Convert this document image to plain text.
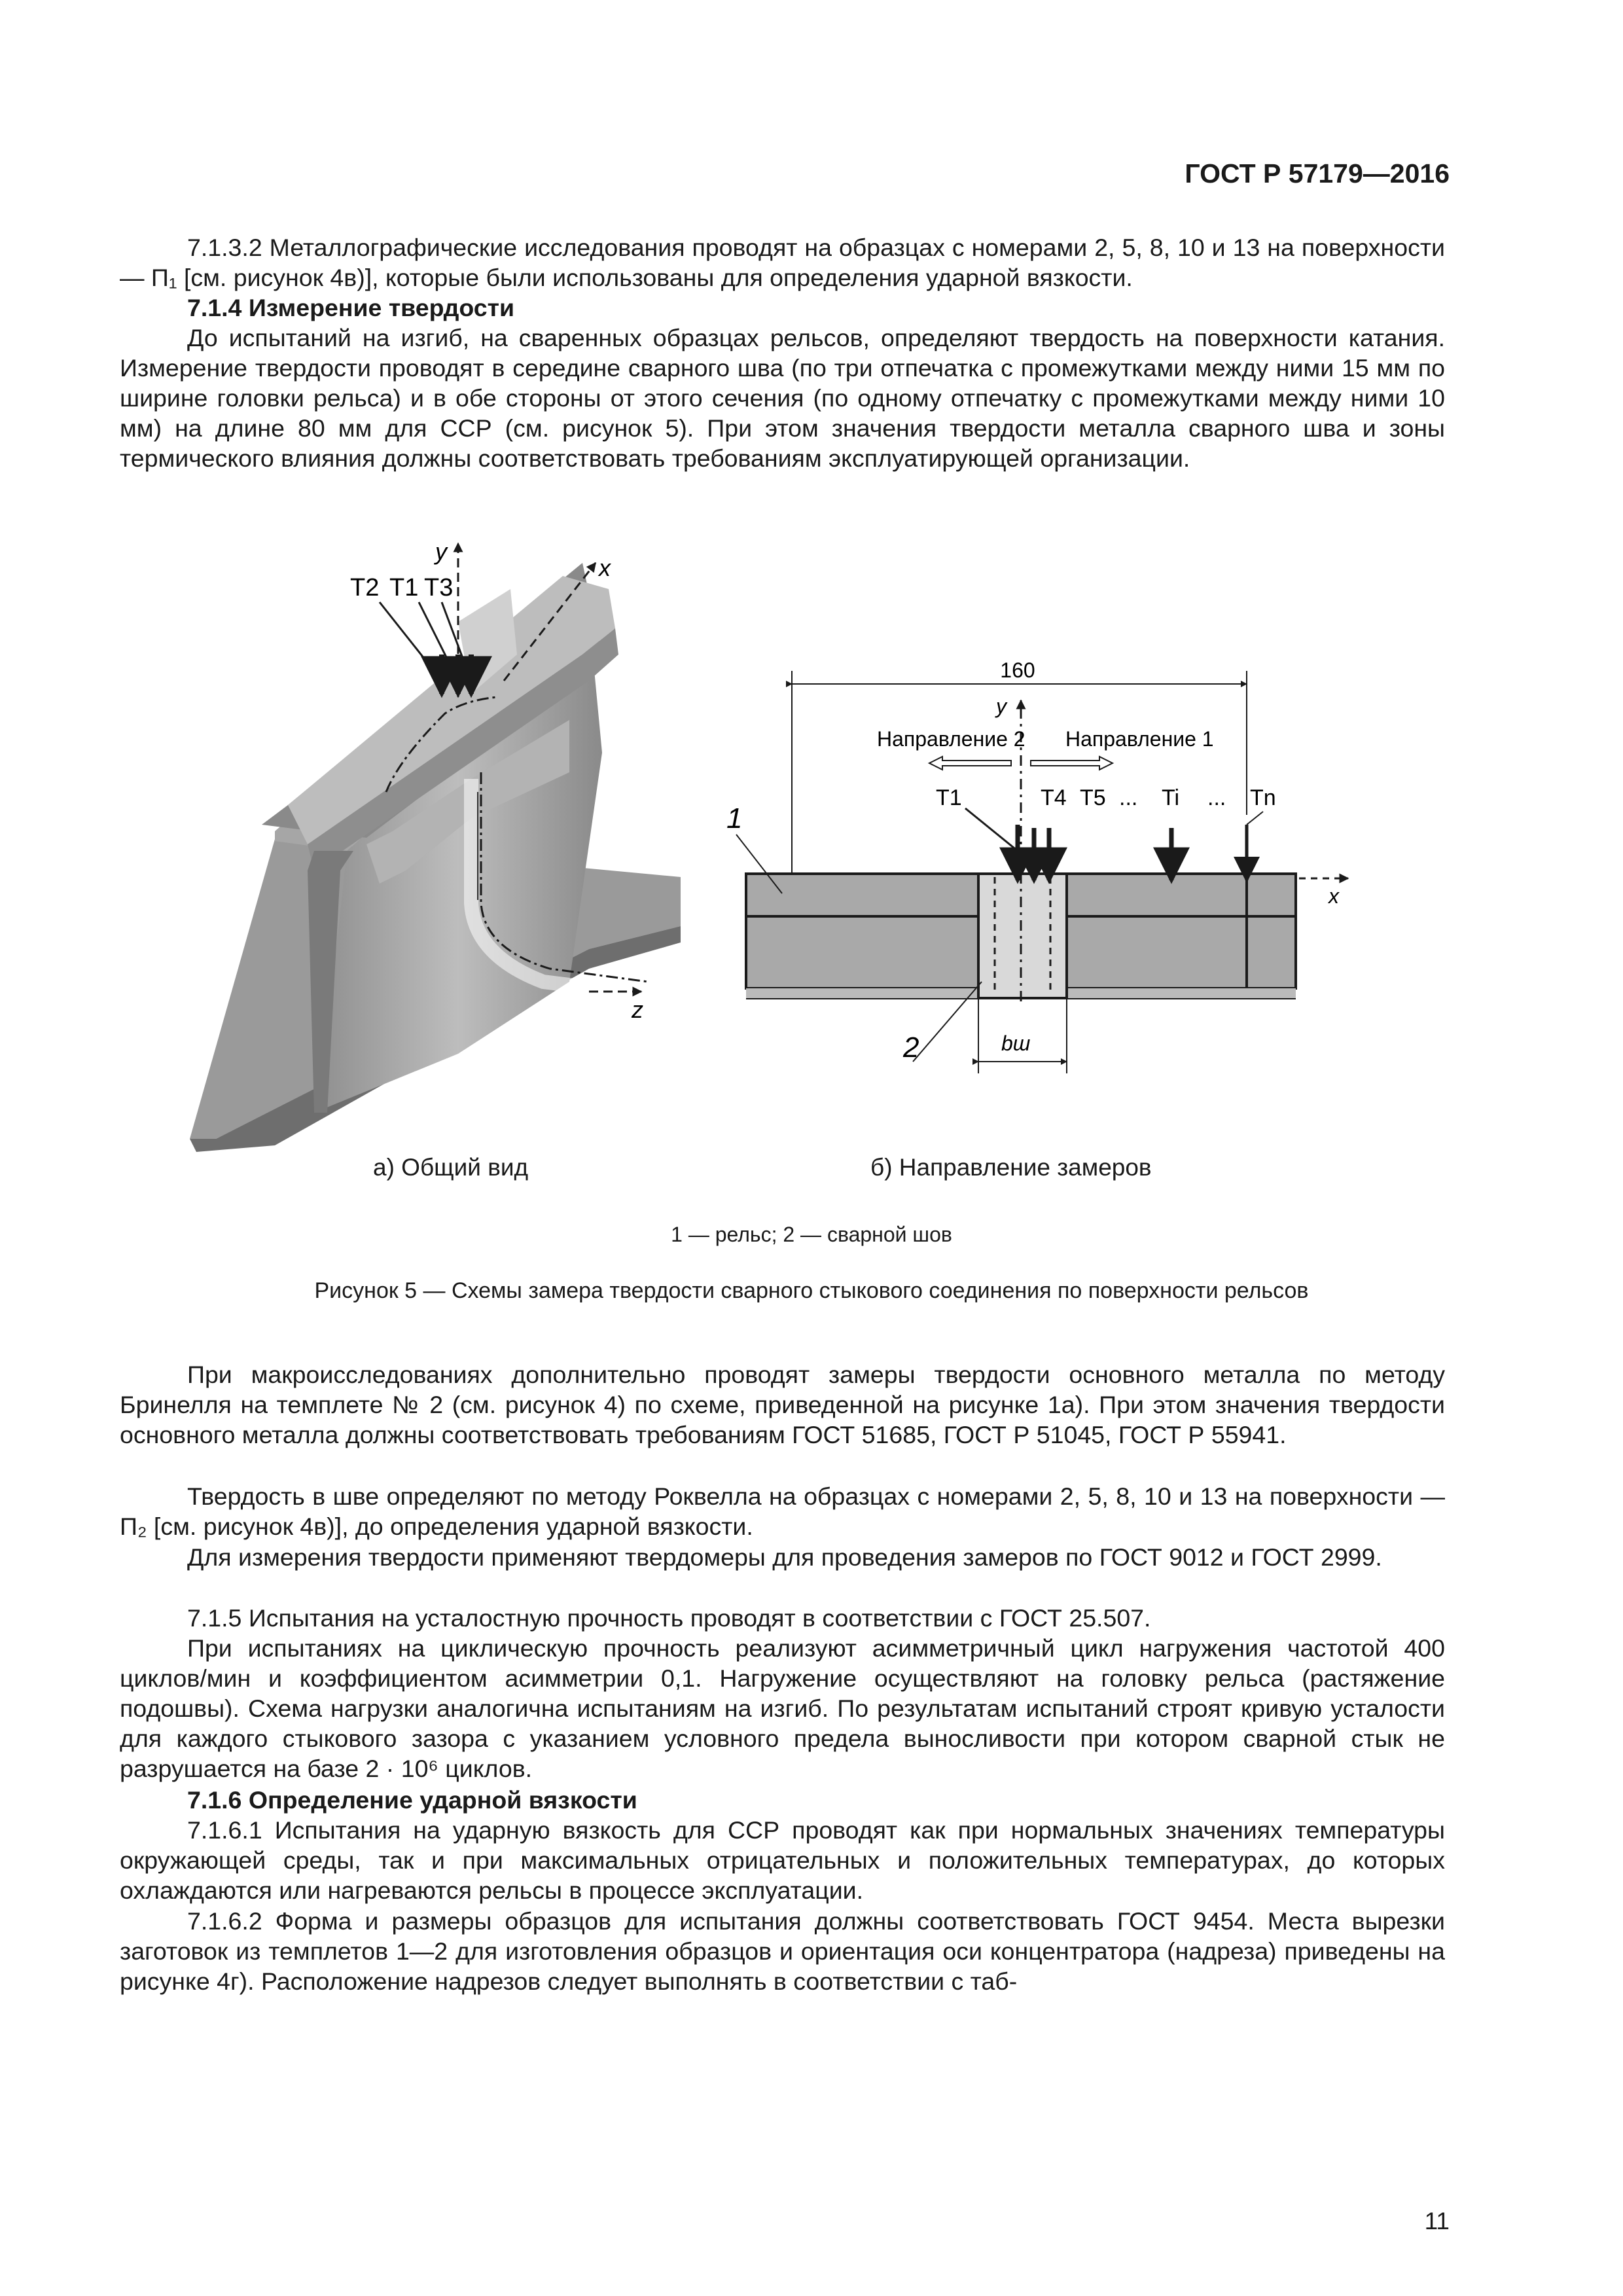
ГОСТ Р 57179—2016
7.1.3.2 Металлографические исследования проводят на образцах с номерами 2, 5, 8, 10 и 13 на поверхности — П₁ [см. рисунок 4в)], которые были использованы для определения ударной вязкости.
7.1.4 Измерение твердости
До испытаний на изгиб, на сваренных образцах рельсов, определяют твердость на поверхности катания. Измерение твердости проводят в середине сварного шва (по три отпечатка с промежутками между ними 15 мм по ширине головки рельса) и в обе стороны от этого сечения (по одному отпечатку с промежутками между ними 10 мм) на длине 80 мм для ССР (см. рисунок 5). При этом значения твердости металла сварного шва и зоны термического влияния должны соответствовать требованиям эксплуатирующей организации.
y
x
z
T2 T1 T3
160
y
x
Направление 2 Направление 1
T1	T4 T5 ... Ti ... Tn
1
2	bш
а) Общий вид	б) Направление замеров
1 — рельс; 2 — сварной шов
Рисунок 5 — Схемы замера твердости сварного стыкового соединения по поверхности рельсов
При макроисследованиях дополнительно проводят замеры твердости основного металла по методу Бринелля на темплете № 2 (см. рисунок 4) по схеме, приведенной на рисунке 1а). При этом значения твердости основного металла должны соответствовать требованиям ГОСТ 51685, ГОСТ Р 51045, ГОСТ Р 55941.
Твердость в шве определяют по методу Роквелла на образцах с номерами 2, 5, 8, 10 и 13 на поверхности — П₂ [см. рисунок 4в)], до определения ударной вязкости.
Для измерения твердости применяют твердомеры для проведения замеров по ГОСТ 9012 и ГОСТ 2999.
7.1.5 Испытания на усталостную прочность проводят в соответствии с ГОСТ 25.507.
При испытаниях на циклическую прочность реализуют асимметричный цикл нагружения частотой 400 циклов/мин и коэффициентом асимметрии 0,1. Нагружение осуществляют на головку рельса (растяжение подошвы). Схема нагрузки аналогична испытаниям на изгиб. По результатам испытаний строят кривую усталости для каждого стыкового зазора с указанием условного предела выносливости при котором сварной стык не разрушается на базе 2 · 10⁶ циклов.
7.1.6 Определение ударной вязкости
7.1.6.1 Испытания на ударную вязкость для ССР проводят как при нормальных значениях температуры окружающей среды, так и при максимальных отрицательных и положительных температурах, до которых охлаждаются или нагреваются рельсы в процессе эксплуатации.
7.1.6.2 Форма и размеры образцов для испытания должны соответствовать ГОСТ 9454. Места вырезки заготовок из темплетов 1—2 для изготовления образцов и ориентация оси концентратора (надреза) приведены на рисунке 4г). Расположение надрезов следует выполнять в соответствии с таб-
11
